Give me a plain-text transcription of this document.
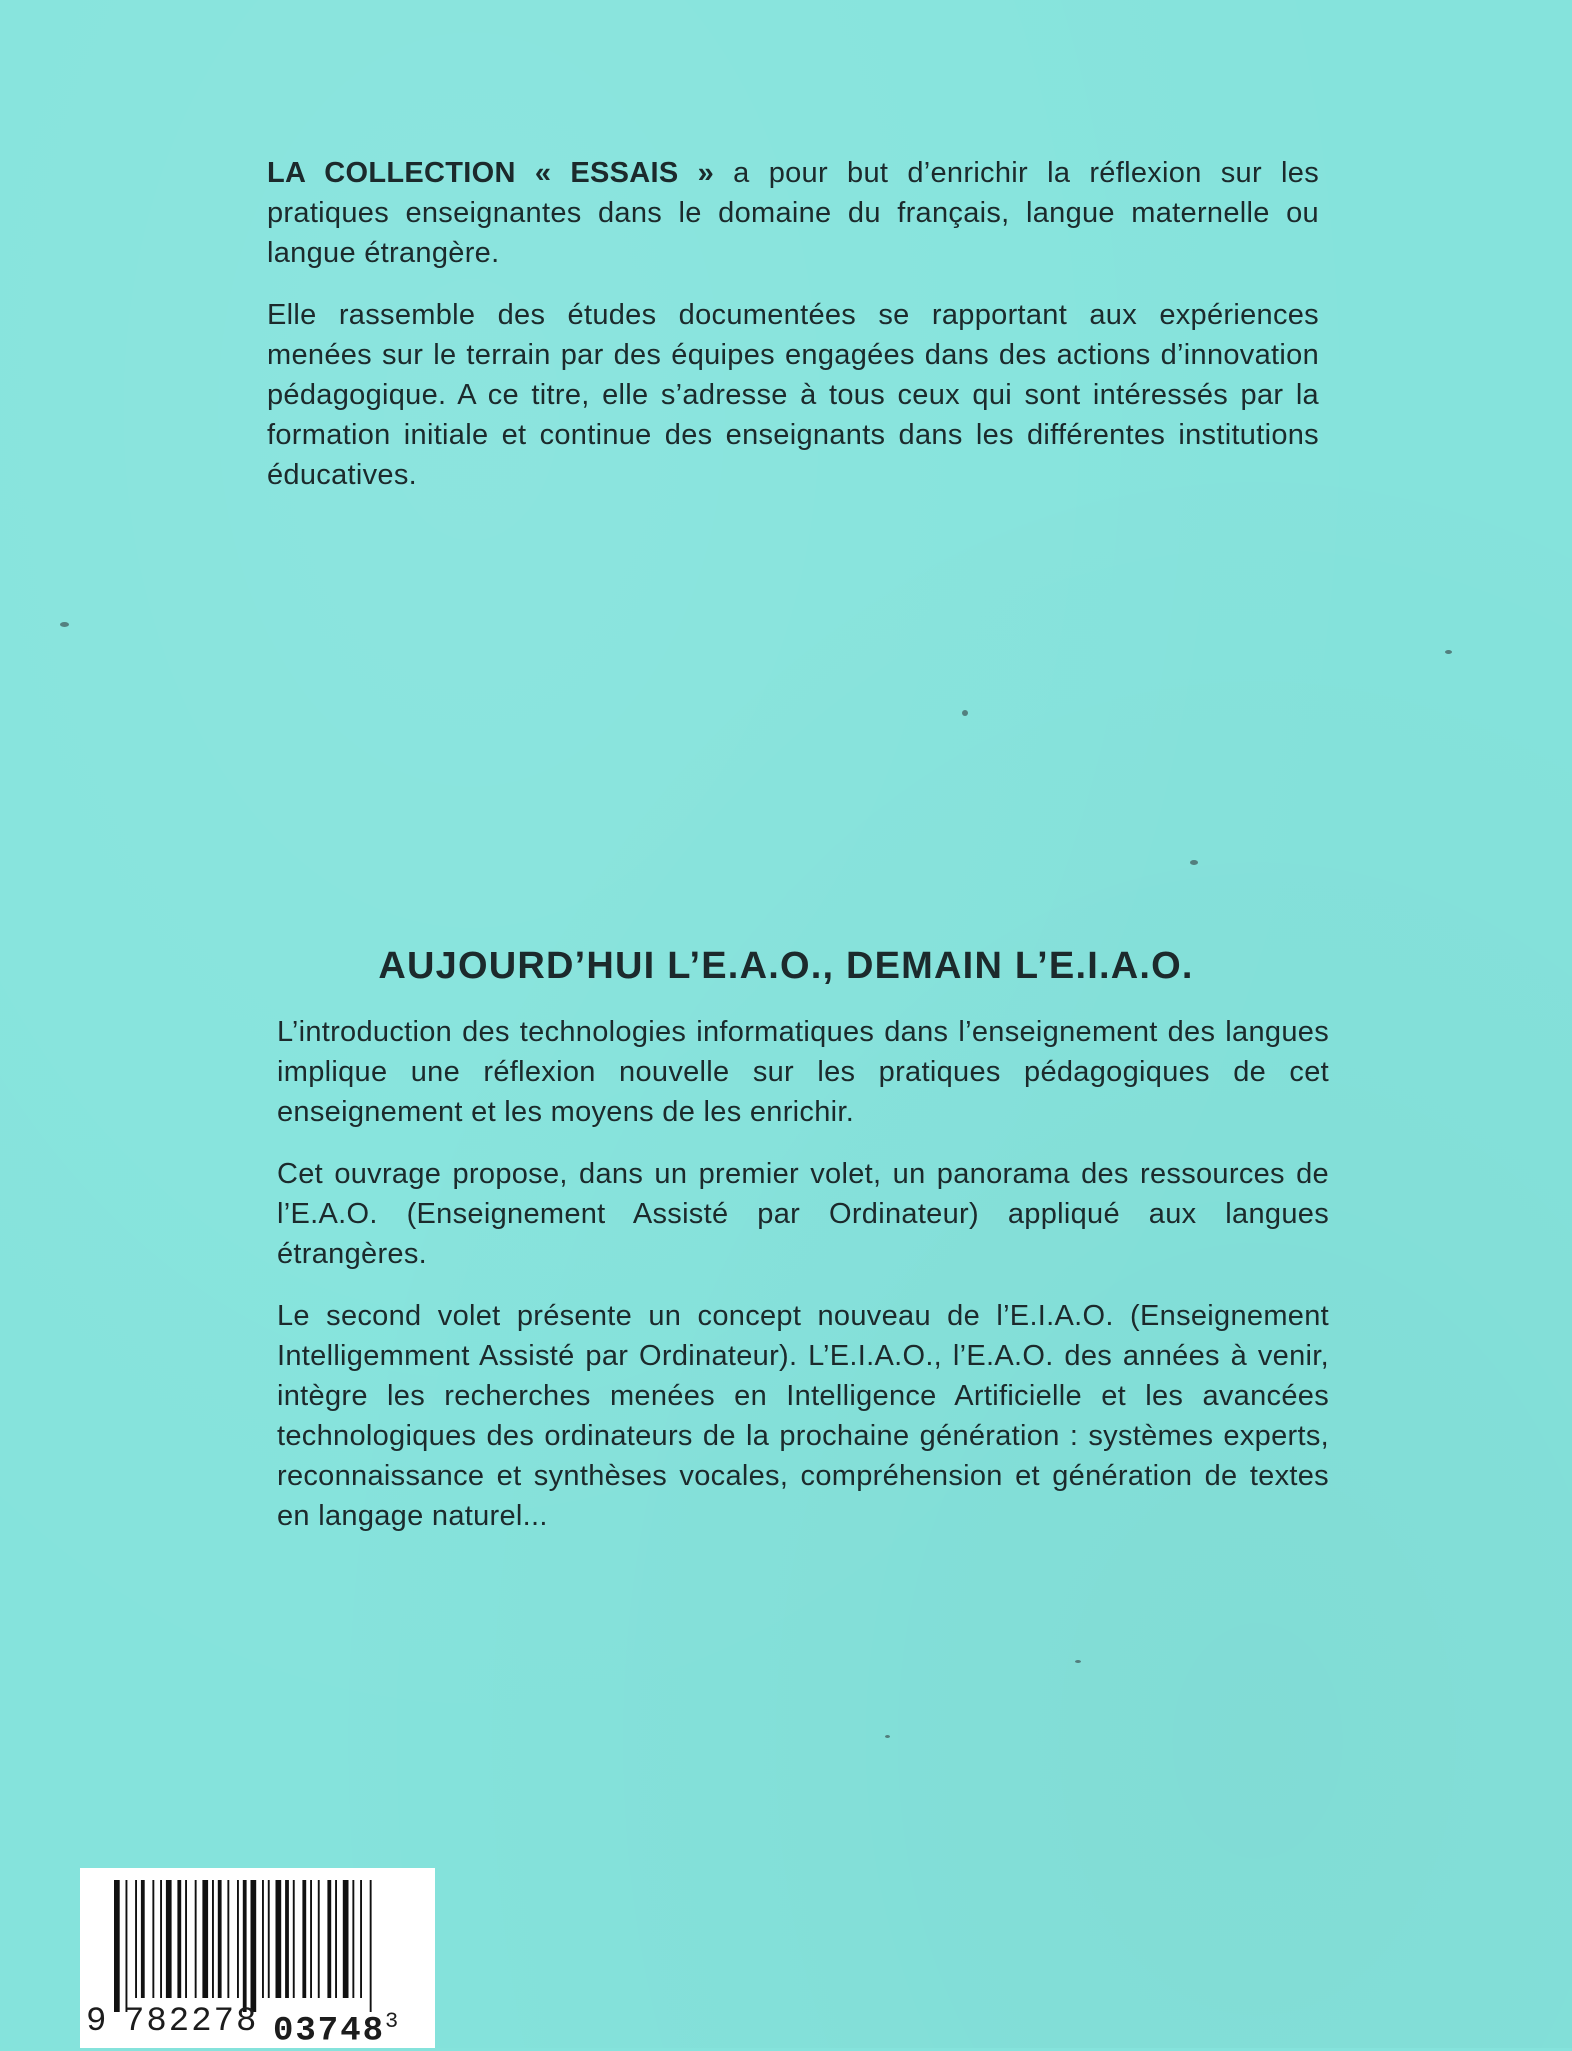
LA COLLECTION « ESSAIS » a pour but d’enrichir la réflexion sur les pratiques enseignantes dans le domaine du français, langue maternelle ou langue étrangère.

Elle rassemble des études documentées se rapportant aux expériences menées sur le terrain par des équipes engagées dans des actions d’innovation pédagogique. A ce titre, elle s’adresse à tous ceux qui sont intéressés par la formation initiale et continue des enseignants dans les différentes institutions éducatives.

AUJOURD’HUI L’E.A.O., DEMAIN L’E.I.A.O.

L’introduction des technologies informatiques dans l’enseignement des langues implique une réflexion nouvelle sur les pratiques pédagogiques de cet enseignement et les moyens de les enrichir.

Cet ouvrage propose, dans un premier volet, un panorama des ressources de l’E.A.O. (Enseignement Assisté par Ordinateur) appliqué aux langues étrangères.

Le second volet présente un concept nouveau de l’E.I.A.O. (Enseignement Intelligemment Assisté par Ordinateur). L’E.I.A.O., l’E.A.O. des années à venir, intègre les recherches menées en Intelligence Artificielle et les avancées technologiques des ordinateurs de la prochaine génération : systèmes experts, reconnaissance et synthèses vocales, compréhension et génération de textes en langage naturel...

9 782278 03748$^3$
